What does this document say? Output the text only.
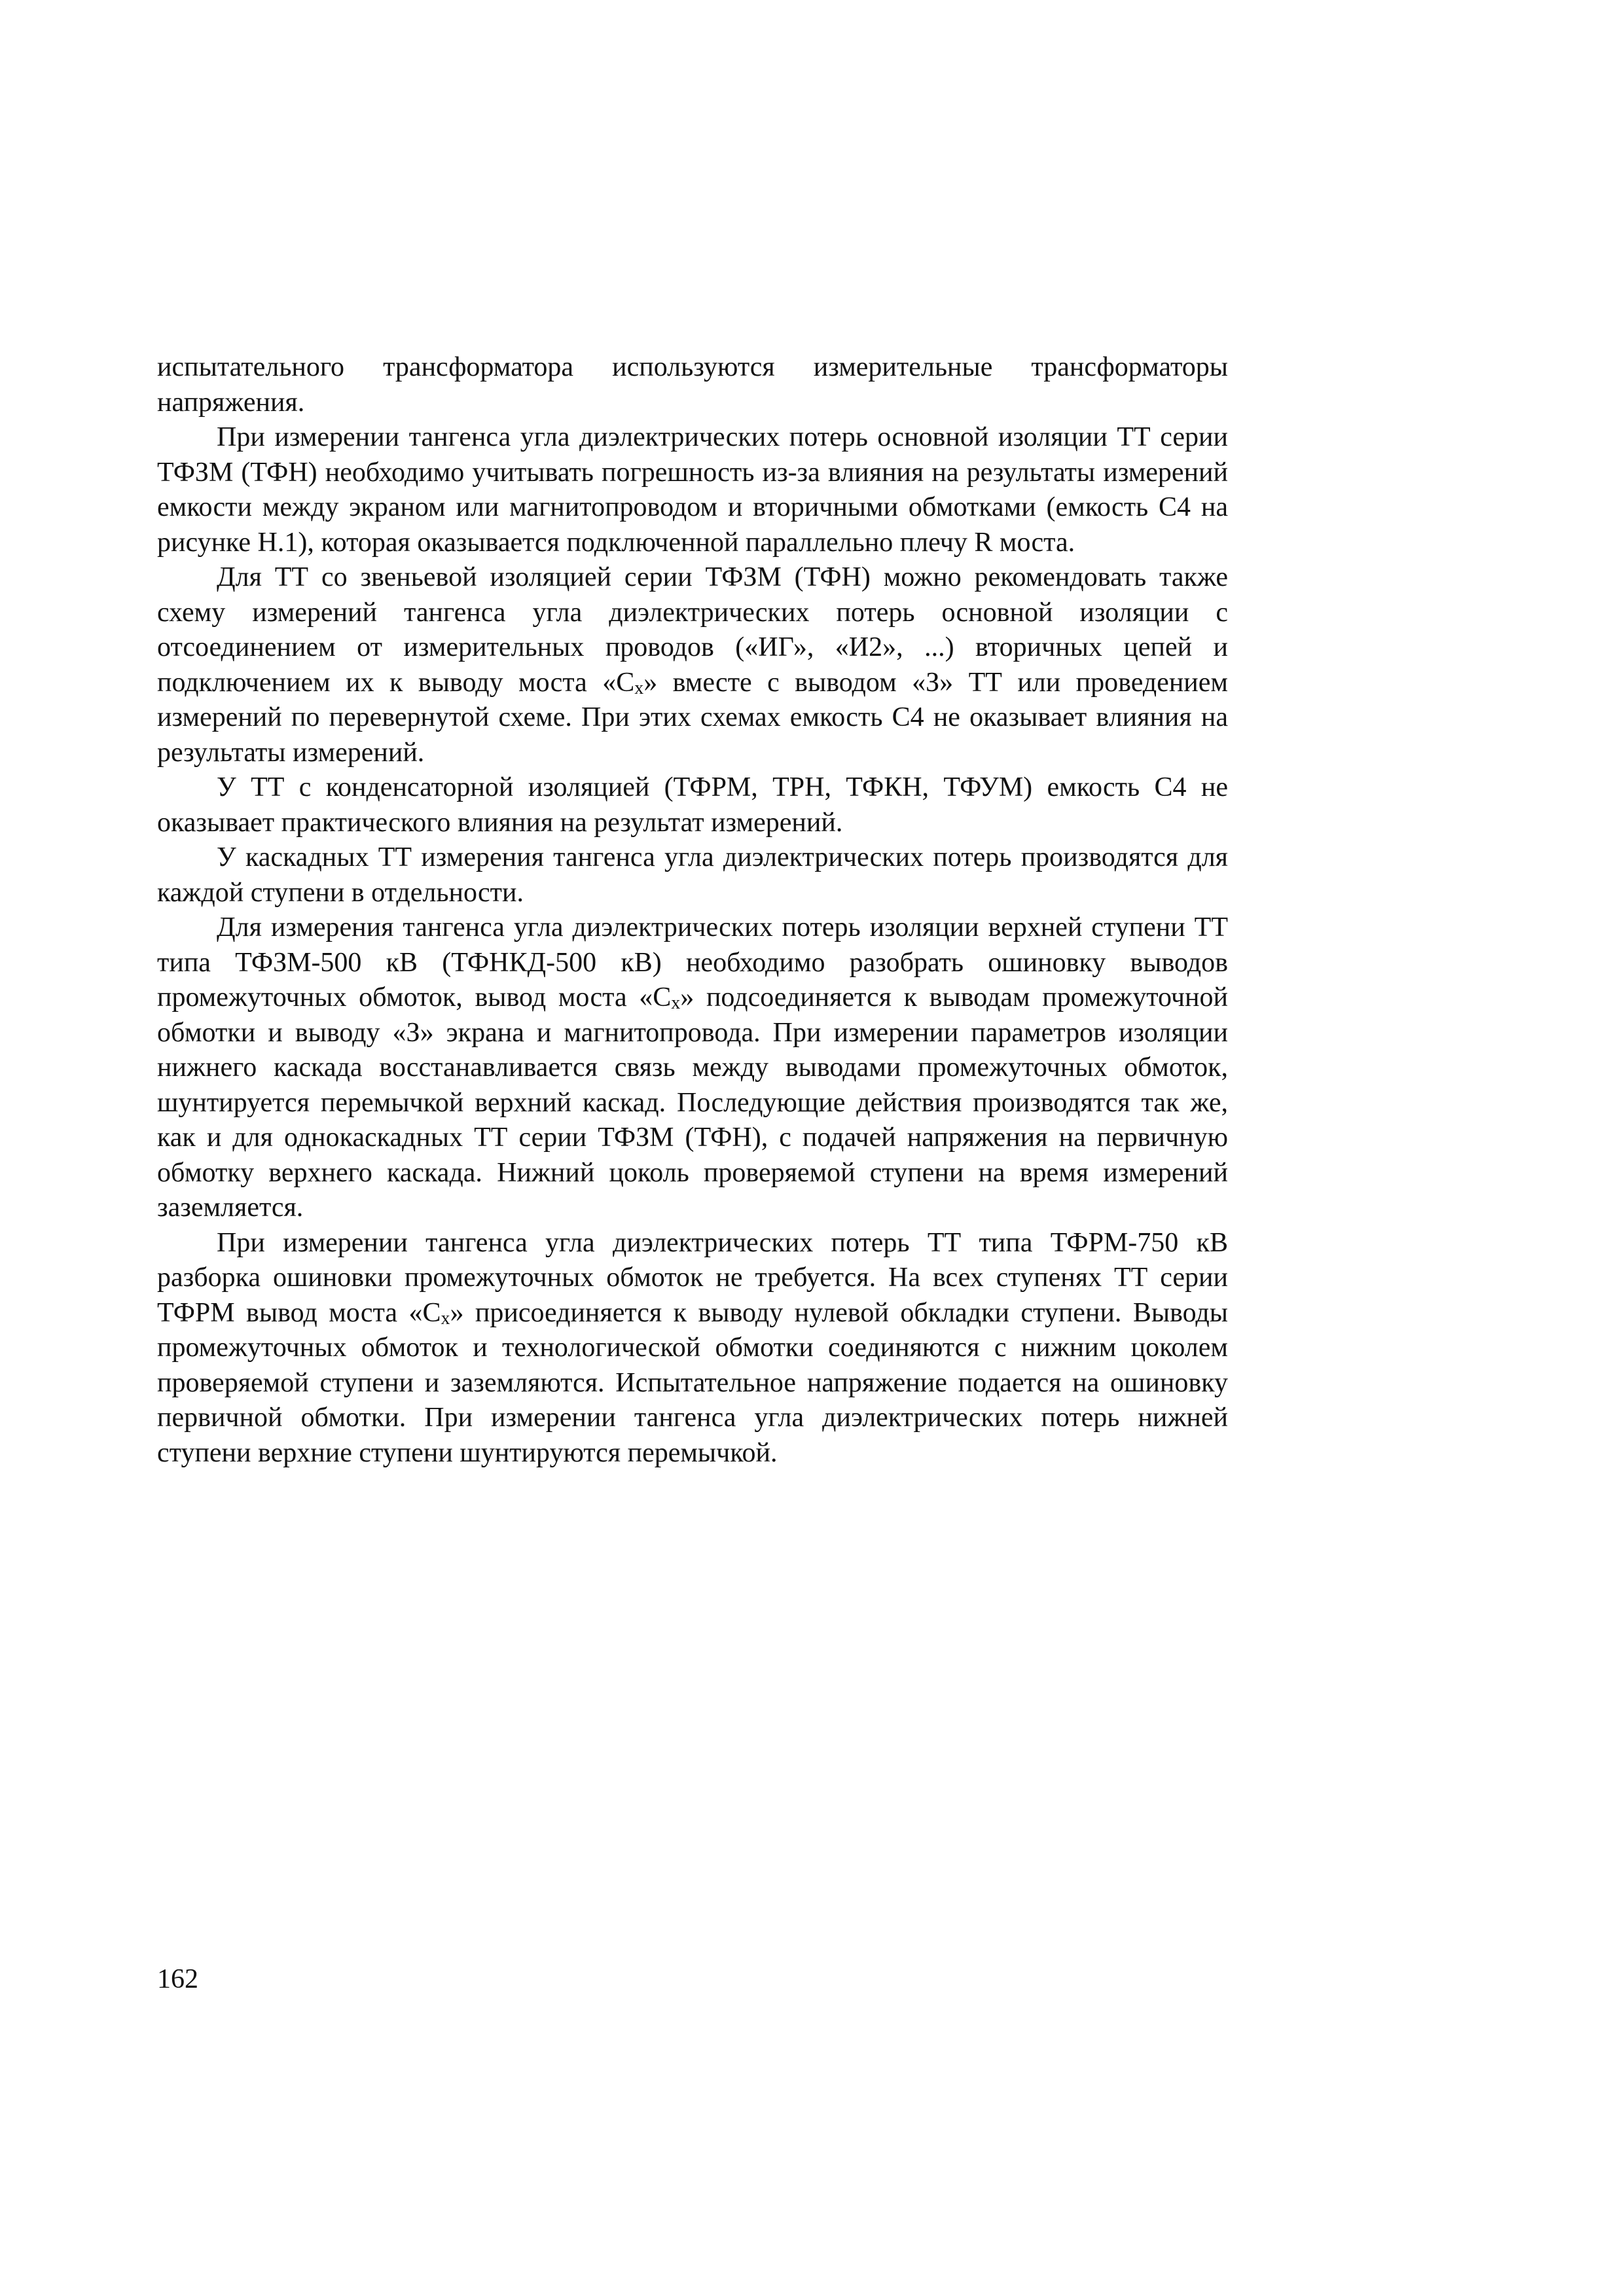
испытательного трансформатора используются измерительные трансформаторы напряжения.

При измерении тангенса угла диэлектрических потерь основной изоляции ТТ серии ТФЗМ (ТФН) необходимо учитывать погрешность из-за влияния на результаты измерений емкости между экраном или магнитопроводом и вторичными обмотками (емкость С4 на рисунке Н.1), которая оказывается подключенной параллельно плечу R моста.

Для ТТ со звеньевой изоляцией серии ТФЗМ (ТФН) можно рекомендовать также схему измерений тангенса угла диэлектрических потерь основной изоляции с отсоединением от измерительных проводов («ИГ», «И2», ...) вторичных цепей и подключением их к выводу моста «$С_х$» вместе с выводом «З» ТТ или проведением измерений по перевернутой схеме. При этих схемах емкость С4 не оказывает влияния на результаты измерений.

У ТТ с конденсаторной изоляцией (ТФРМ, ТРН, ТФКН, ТФУМ) емкость С4 не оказывает практического влияния на результат измерений.

У каскадных ТТ измерения тангенса угла диэлектрических потерь производятся для каждой ступени в отдельности.

Для измерения тангенса угла диэлектрических потерь изоляции верхней ступени ТТ типа ТФЗМ-500 кВ (ТФНКД-500 кВ) необходимо разобрать ошиновку выводов промежуточных обмоток, вывод моста «$С_х$» подсоединяется к выводам промежуточной обмотки и выводу «З» экрана и магнитопровода. При измерении параметров изоляции нижнего каскада восстанавливается связь между выводами промежуточных обмоток, шунтируется перемычкой верхний каскад. Последующие действия производятся так же, как и для однокаскадных ТТ серии ТФЗМ (ТФН), с подачей напряжения на первичную обмотку верхнего каскада. Нижний цоколь проверяемой ступени на время измерений заземляется.

При измерении тангенса угла диэлектрических потерь ТТ типа ТФРМ-750 кВ разборка ошиновки промежуточных обмоток не требуется. На всех ступенях ТТ серии ТФРМ вывод моста «$С_х$» присоединяется к выводу нулевой обкладки ступени. Выводы промежуточных обмоток и технологической обмотки соединяются с нижним цоколем проверяемой ступени и заземляются. Испытательное напряжение подается на ошиновку первичной обмотки. При измерении тангенса угла диэлектрических потерь нижней ступени верхние ступени шунтируются перемычкой.

162
